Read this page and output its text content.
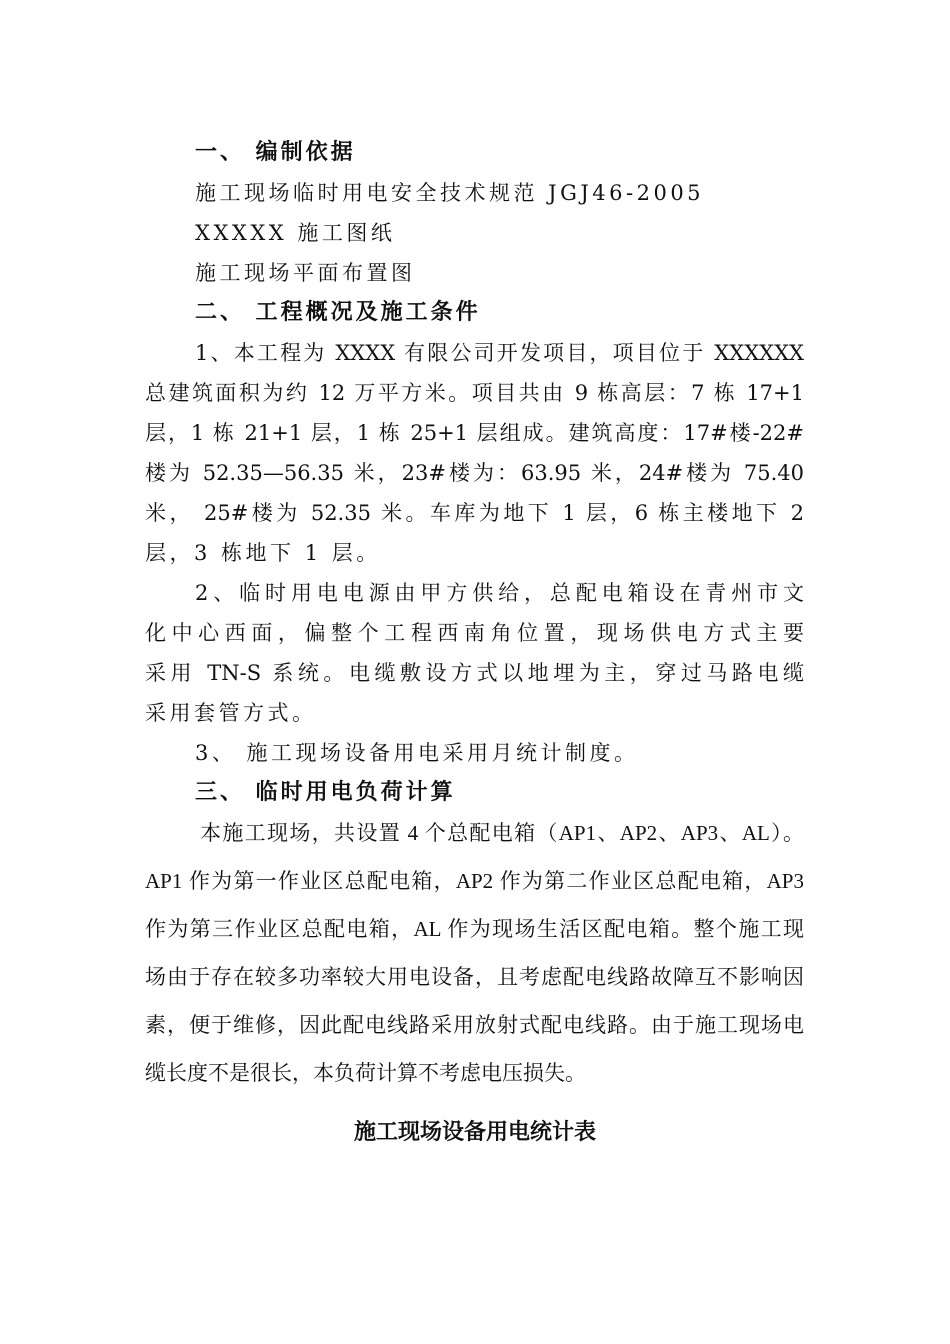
一、 编制依据
施工现场临时用电安全技术规范 JGJ46-2005
XXXXX 施工图纸
施工现场平面布置图
二、 工程概况及施工条件
1、本工程为 XXXX 有限公司开发项目，项目位于 XXXXXX
总建筑面积为约 12 万平方米。项目共由 9 栋高层：7 栋 17+1
层，1 栋 21+1 层，1 栋 25+1 层组成。建筑高度：17#楼-22#
楼为 52.35—56.35 米，23#楼为：63.95 米，24#楼为 75.40
米， 25#楼为 52.35 米。车库为地下 1 层，6 栋主楼地下 2
层，3 栋地下 1 层。
2、临时用电电源由甲方供给，总配电箱设在青州市文
化中心西面，偏整个工程西南角位置，现场供电方式主要
采用 TN-S 系统。电缆敷设方式以地埋为主，穿过马路电缆
采用套管方式。
3、 施工现场设备用电采用月统计制度。
三、 临时用电负荷计算
本施工现场，共设置 4 个总配电箱（AP1、AP2、AP3、AL）。
AP1 作为第一作业区总配电箱，AP2 作为第二作业区总配电箱，AP3
作为第三作业区总配电箱，AL 作为现场生活区配电箱。整个施工现
场由于存在较多功率较大用电设备，且考虑配电线路故障互不影响因
素，便于维修，因此配电线路采用放射式配电线路。由于施工现场电
缆长度不是很长，本负荷计算不考虑电压损失。
施工现场设备用电统计表
